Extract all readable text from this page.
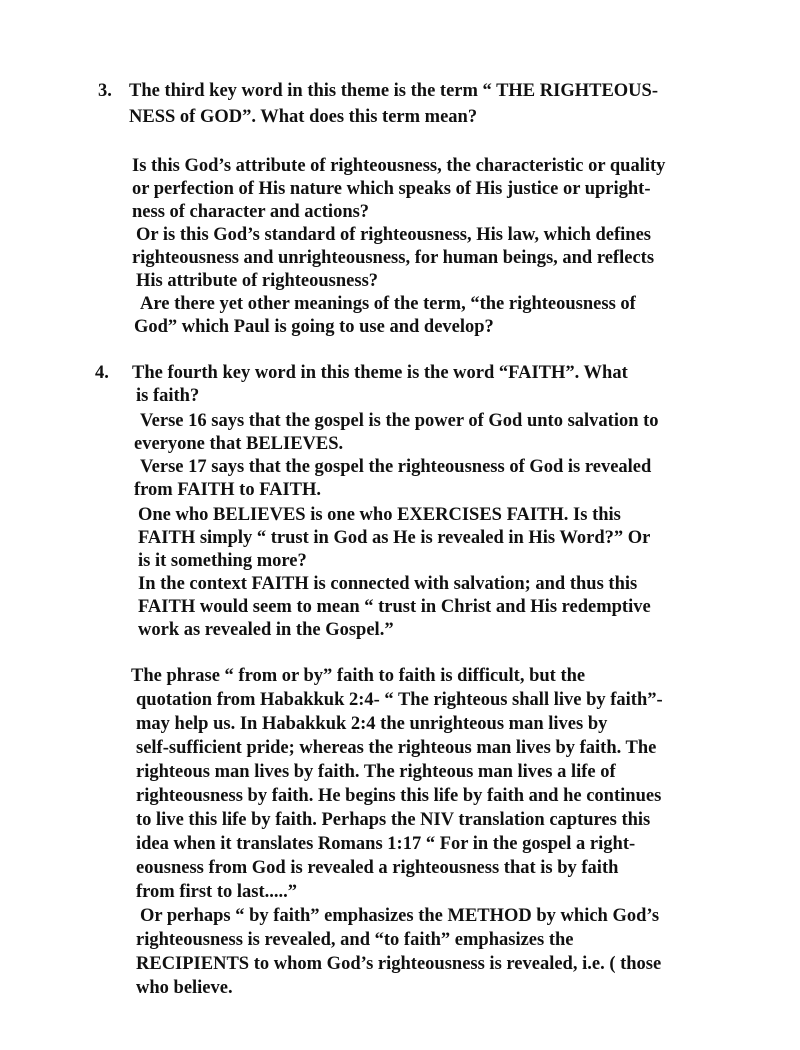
3. The third key word in this theme is the term “ THE RIGHTEOUS-
NESS of GOD”. What does this term mean?
Is this God’s attribute of righteousness, the characteristic or quality
or perfection of His nature which speaks of His justice or upright-
ness of character and actions?
Or is this God’s standard of righteousness, His law, which defines
righteousness and unrighteousness, for human beings, and reflects
His attribute of righteousness?
Are there yet other meanings of the term, “the righteousness of
God” which Paul is going to use and develop?
4. The fourth key word in this theme is the word “FAITH”. What
is faith?
Verse 16 says that the gospel is the power of God unto salvation to
everyone that BELIEVES.
Verse 17 says that the gospel the righteousness of God is revealed
from FAITH to FAITH.
One who BELIEVES is one who EXERCISES FAITH. Is this
FAITH simply “ trust in God as He is revealed in His Word?” Or
is it something more?
In the context FAITH is connected with salvation; and thus this
FAITH would seem to mean “ trust in Christ and His redemptive
work as revealed in the Gospel.”
The phrase “ from or by” faith to faith is difficult, but the
quotation from Habakkuk 2:4- “ The righteous shall live by faith”-
may help us. In Habakkuk 2:4 the unrighteous man lives by
self-sufficient pride; whereas the righteous man lives by faith. The
righteous man lives by faith. The righteous man lives a life of
righteousness by faith. He begins this life by faith and he continues
to live this life by faith. Perhaps the NIV translation captures this
idea when it translates Romans 1:17 “ For in the gospel a right-
eousness from God is revealed a righteousness that is by faith
from first to last.....”
Or perhaps “ by faith” emphasizes the METHOD by which God’s
righteousness is revealed, and “to faith” emphasizes the
RECIPIENTS to whom God’s righteousness is revealed, i.e. ( those
who believe.
